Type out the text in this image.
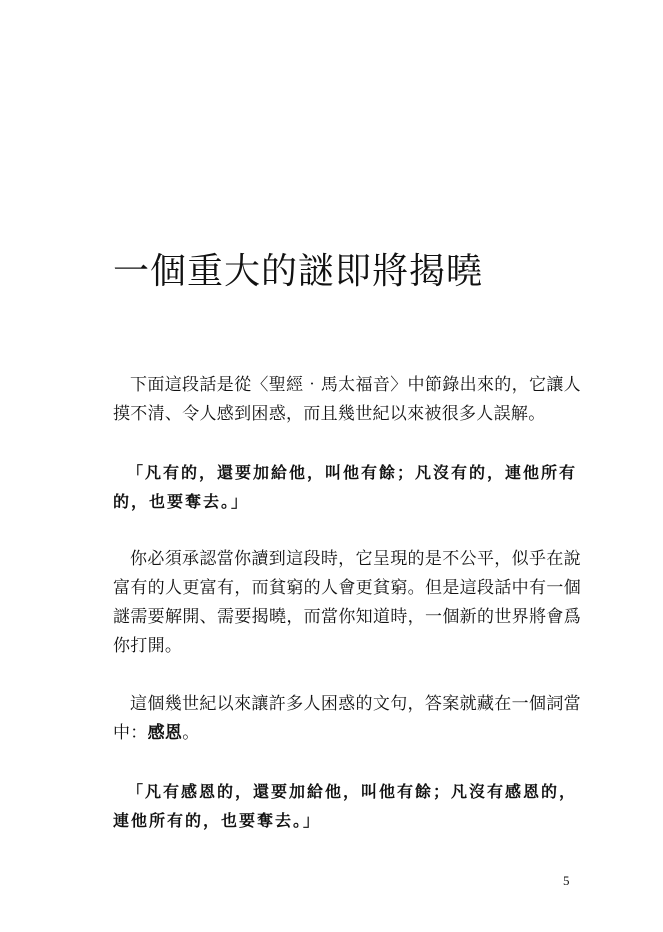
一個重大的謎即將揭曉

下面這段話是從〈聖經‧馬太福音〉中節錄出來的，它讓人摸不清、令人感到困惑，而且幾世紀以來被很多人誤解。

「凡有的，還要加給他，叫他有餘；凡沒有的，連他所有的，也要奪去。」

你必須承認當你讀到這段時，它呈現的是不公平，似乎在說富有的人更富有，而貧窮的人會更貧窮。但是這段話中有一個謎需要解開、需要揭曉，而當你知道時，一個新的世界將會爲你打開。

這個幾世紀以來讓許多人困惑的文句，答案就藏在一個詞當中：感恩。

「凡有感恩的，還要加給他，叫他有餘；凡沒有感恩的，連他所有的，也要奪去。」

5
